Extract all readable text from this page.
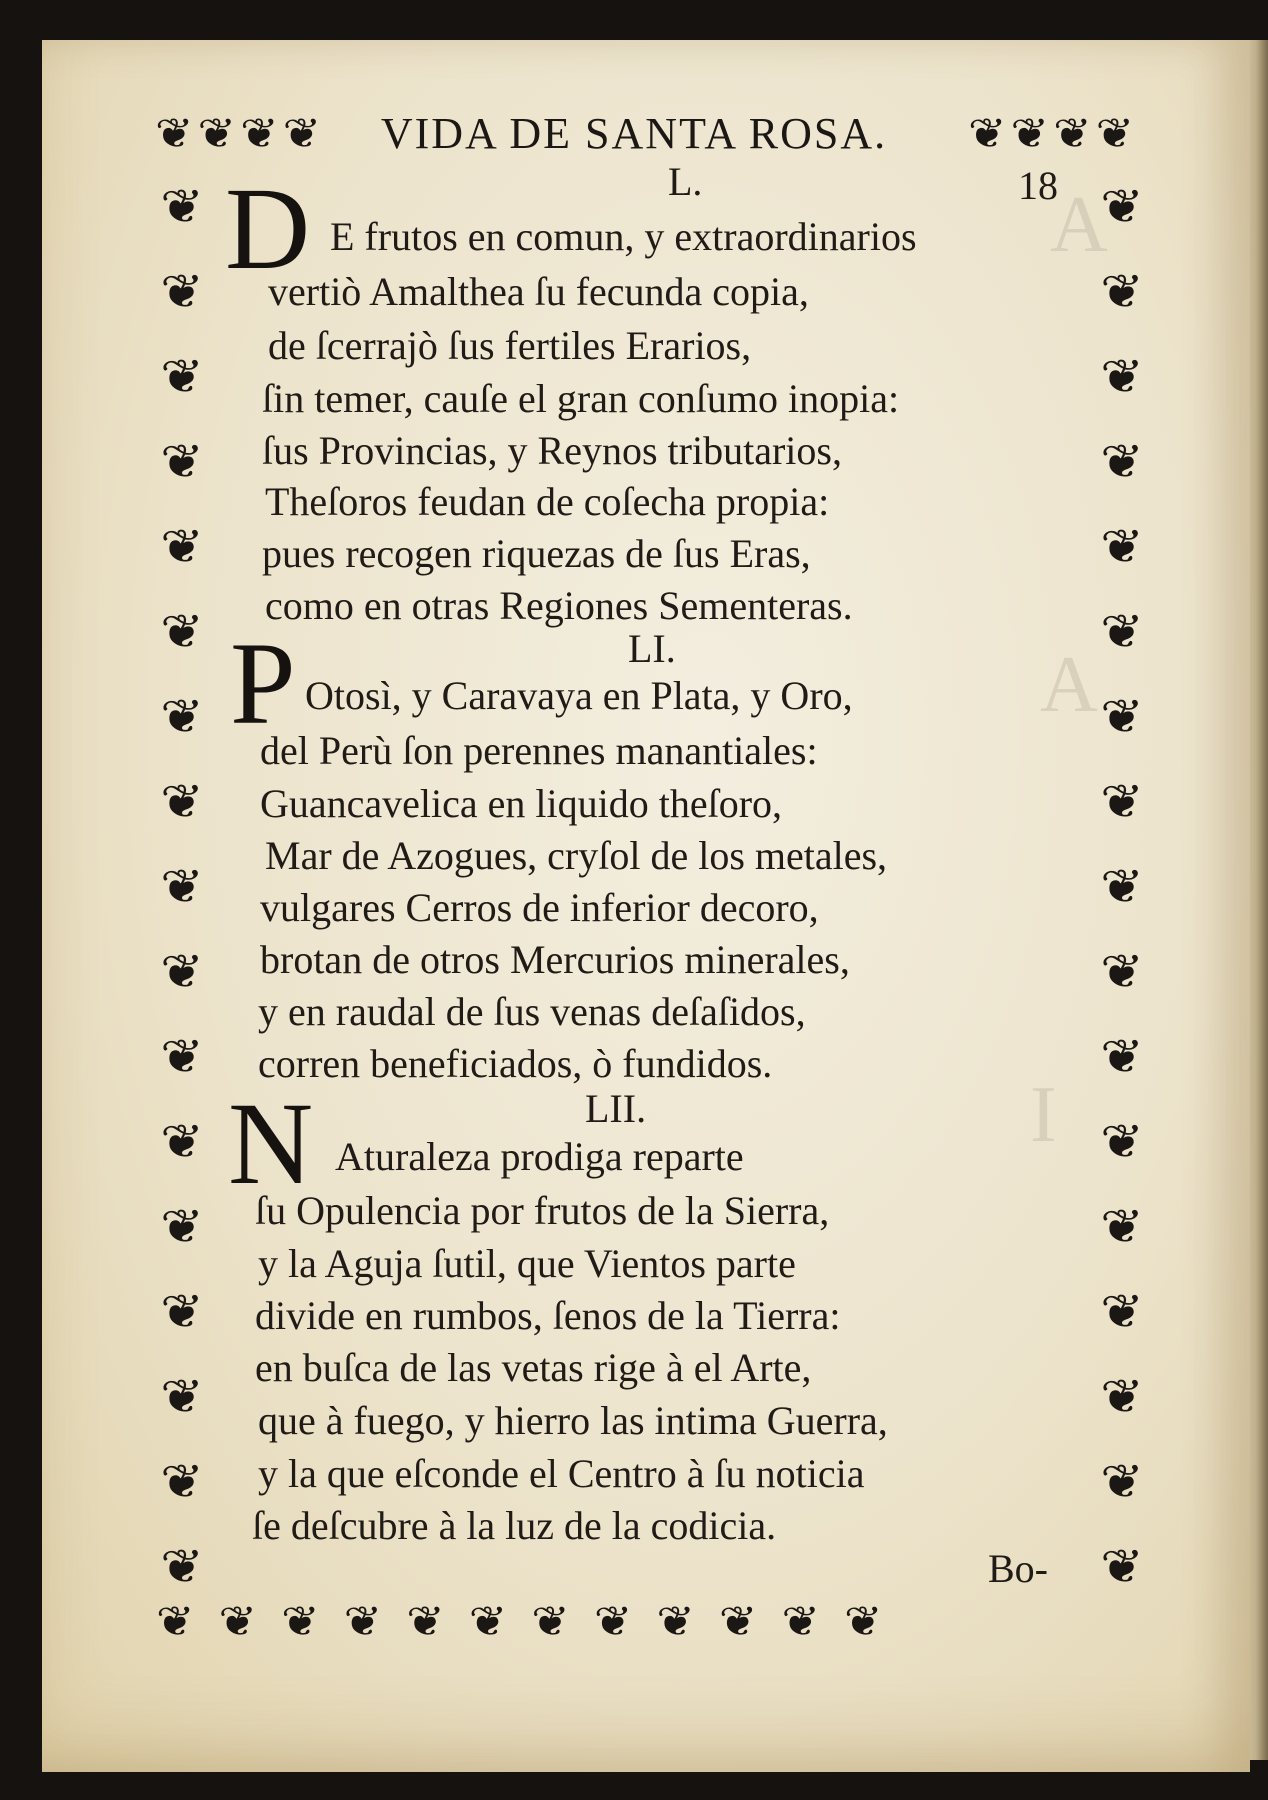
A
A
I
❦ ❦ ❦ ❦	❦ ❦ ❦ ❦
VIDA DE SANTA ROSA.
❦
❦
❦
❦
❦
❦
❦
❦
❦
❦
❦
❦
❦
❦
❦
❦
❦
❦
❦
❦
❦
❦
❦
❦
❦
❦
❦
❦
❦
❦
❦
❦
❦
❦
❦ ❦ ❦ ❦ ❦ ❦ ❦ ❦ ❦ ❦ ❦ ❦
18
L.
D E frutos en comun, y extraordinarios
vertiò Amalthea ſu fecunda copia,
de ſcerrajò ſus fertiles Erarios,
ſin temer, cauſe el gran conſumo inopia:
ſus Provincias, y Reynos tributarios,
Theſoros feudan de coſecha propia:
pues recogen riquezas de ſus Eras,
como en otras Regiones Sementeras.
LI.
P Otosì, y Caravaya en Plata, y Oro,
del Perù ſon perennes manantiales:
Guancavelica en liquido theſoro,
Mar de Azogues, cryſol de los metales,
vulgares Cerros de inferior decoro,
brotan de otros Mercurios minerales,
y en raudal de ſus venas deſaſidos,
corren beneficiados, ò fundidos.
LII.
N Aturaleza prodiga reparte
ſu Opulencia por frutos de la Sierra,
y la Aguja ſutil, que Vientos parte
divide en rumbos, ſenos de la Tierra:
en buſca de las vetas rige à el Arte,
que à fuego, y hierro las intima Guerra,
y la que eſconde el Centro à ſu noticia
ſe deſcubre à la luz de la codicia.
Bo-
